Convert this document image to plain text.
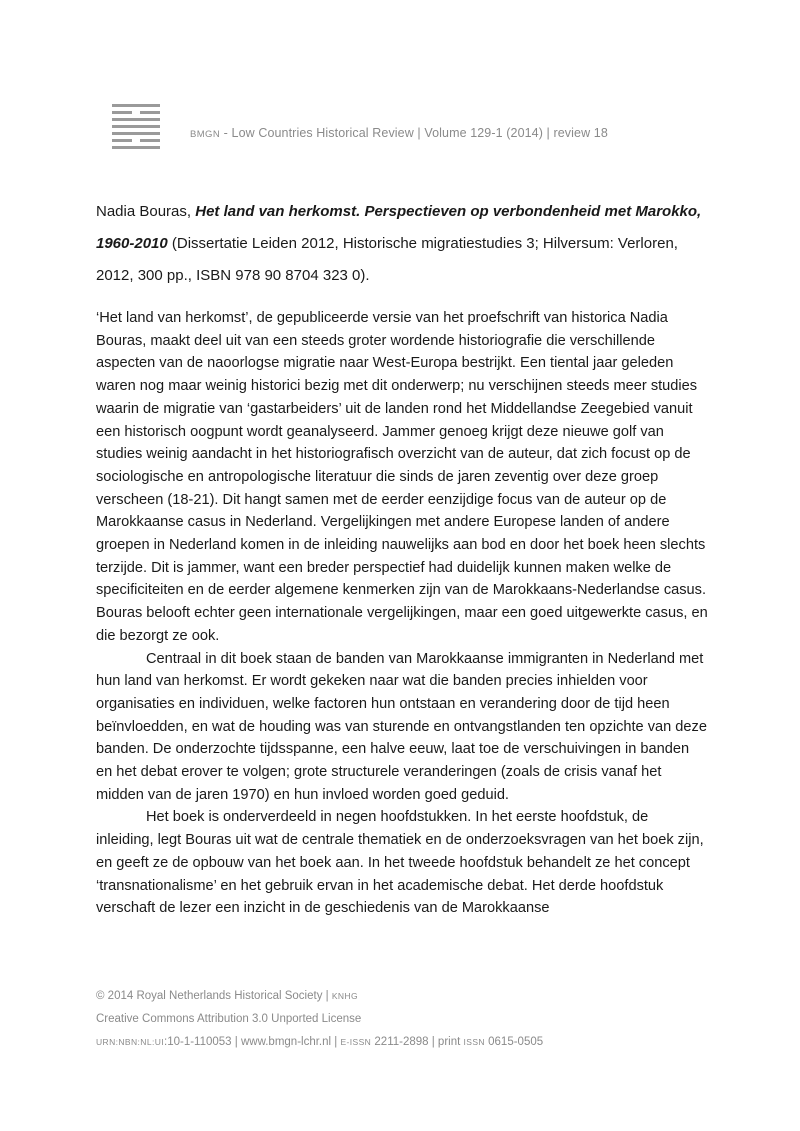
BMGN - Low Countries Historical Review | Volume 129-1 (2014) | review 18
Nadia Bouras, Het land van herkomst. Perspectieven op verbondenheid met Marokko, 1960-2010 (Dissertatie Leiden 2012, Historische migratiestudies 3; Hilversum: Verloren, 2012, 300 pp., ISBN 978 90 8704 323 0).

‘Het land van herkomst’, de gepubliceerde versie van het proefschrift van historica Nadia Bouras, maakt deel uit van een steeds groter wordende historiografie die verschillende aspecten van de naoorlogse migratie naar West-Europa bestrijkt. Een tiental jaar geleden waren nog maar weinig historici bezig met dit onderwerp; nu verschijnen steeds meer studies waarin de migratie van ‘gastarbeiders’ uit de landen rond het Middellandse Zeegebied vanuit een historisch oogpunt wordt geanalyseerd. Jammer genoeg krijgt deze nieuwe golf van studies weinig aandacht in het historiografisch overzicht van de auteur, dat zich focust op de sociologische en antropologische literatuur die sinds de jaren zeventig over deze groep verscheen (18-21). Dit hangt samen met de eerder eenzijdige focus van de auteur op de Marokkaanse casus in Nederland. Vergelijkingen met andere Europese landen of andere groepen in Nederland komen in de inleiding nauwelijks aan bod en door het boek heen slechts terzijde. Dit is jammer, want een breder perspectief had duidelijk kunnen maken welke de specificiteiten en de eerder algemene kenmerken zijn van de Marokkaans-Nederlandse casus. Bouras belooft echter geen internationale vergelijkingen, maar een goed uitgewerkte casus, en die bezorgt ze ook.

Centraal in dit boek staan de banden van Marokkaanse immigranten in Nederland met hun land van herkomst. Er wordt gekeken naar wat die banden precies inhielden voor organisaties en individuen, welke factoren hun ontstaan en verandering door de tijd heen beïnvloedden, en wat de houding was van sturende en ontvangstlanden ten opzichte van deze banden. De onderzochte tijdsspanne, een halve eeuw, laat toe de verschuivingen in banden en het debat erover te volgen; grote structurele veranderingen (zoals de crisis vanaf het midden van de jaren 1970) en hun invloed worden goed geduid.

Het boek is onderverdeeld in negen hoofdstukken. In het eerste hoofdstuk, de inleiding, legt Bouras uit wat de centrale thematiek en de onderzoeksvragen van het boek zijn, en geeft ze de opbouw van het boek aan. In het tweede hoofdstuk behandelt ze het concept ‘transnationalisme’ en het gebruik ervan in het academische debat. Het derde hoofdstuk verschaft de lezer een inzicht in de geschiedenis van de Marokkaanse

© 2014 Royal Netherlands Historical Society | KNHG
Creative Commons Attribution 3.0 Unported License
URN:NBN:NL:UI:10-1-110053 | www.bmgn-lchr.nl | E-ISSN 2211-2898 | print ISSN 0615-0505
